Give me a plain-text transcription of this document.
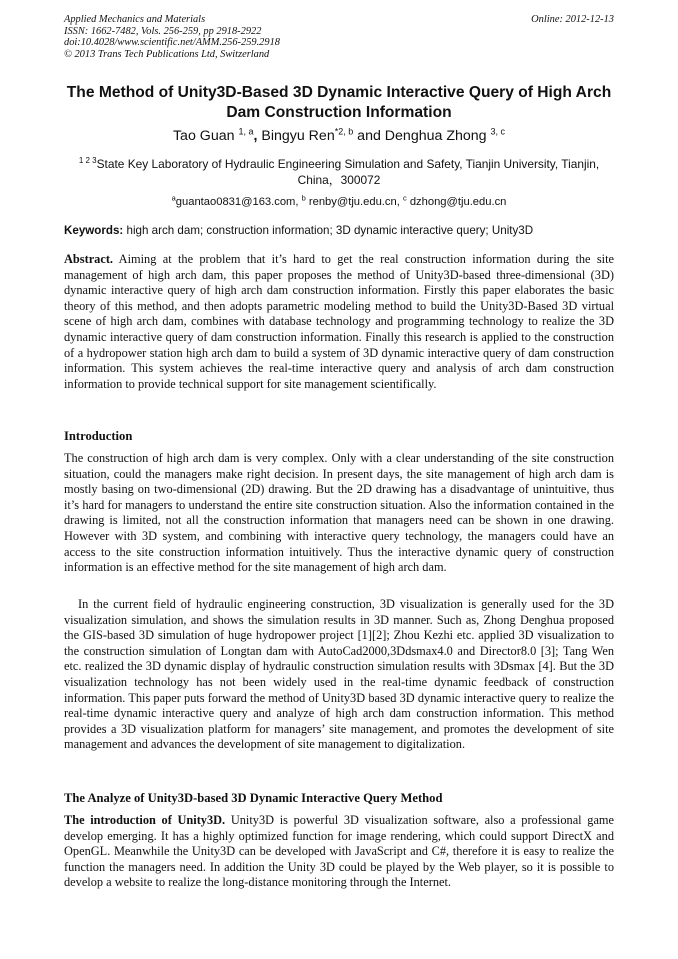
Applied Mechanics and Materials
ISSN: 1662-7482, Vols. 256-259, pp 2918-2922
doi:10.4028/www.scientific.net/AMM.256-259.2918
© 2013 Trans Tech Publications Ltd, Switzerland
Online: 2012-12-13
The Method of Unity3D-Based 3D Dynamic Interactive Query of High Arch Dam Construction Information
Tao Guan $^{1, a}$, Bingyu Ren$^{*2, b}$ and Denghua Zhong $^{3, c}$
$^{1 2 3}$State Key Laboratory of Hydraulic Engineering Simulation and Safety, Tianjin University, Tianjin, China，300072
$^a$guantao0831@163.com, $^b$ renby@tju.edu.cn, $^c$ dzhong@tju.edu.cn
Keywords: high arch dam; construction information; 3D dynamic interactive query; Unity3D
Abstract. Aiming at the problem that it’s hard to get the real construction information during the site management of high arch dam, this paper proposes the method of Unity3D-based three-dimensional (3D) dynamic interactive query of high arch dam construction information. Firstly this paper elaborates the basic theory of this method, and then adopts parametric modeling method to build the Unity3D-Based 3D virtual scene of high arch dam, combines with database technology and programming technology to realize the 3D dynamic interactive query of dam construction information. Finally this research is applied to the construction of a hydropower station high arch dam to build a system of 3D dynamic interactive query of dam construction information. This system achieves the real-time interactive query and analysis of arch dam construction information to provide technical support for site management scientifically.
Introduction
The construction of high arch dam is very complex. Only with a clear understanding of the site construction situation, could the managers make right decision. In present days, the site management of high arch dam is mostly basing on two-dimensional (2D) drawing. But the 2D drawing has a disadvantage of unintuitive, thus it’s hard for managers to understand the entire site construction situation. Also the information contained in the drawing is limited, not all the construction information that managers need can be shown in one drawing. However with 3D system, and combining with interactive query technology, the managers could have an access to the site construction information intuitively. Thus the interactive dynamic query of construction information is an effective method for the site management of high arch dam.
In the current field of hydraulic engineering construction, 3D visualization is generally used for the 3D visualization simulation, and shows the simulation results in 3D manner. Such as, Zhong Denghua proposed the GIS-based 3D simulation of huge hydropower project [1][2]; Zhou Kezhi etc. applied 3D visualization to the construction simulation of Longtan dam with AutoCad2000,3Ddsmax4.0 and Director8.0 [3]; Tang Wen etc. realized the 3D dynamic display of hydraulic construction simulation results with 3Dsmax [4]. But the 3D visualization technology has not been widely used in the real-time dynamic feedback of construction information. This paper puts forward the method of Unity3D based 3D dynamic interactive query to realize the real-time dynamic interactive query and analyze of high arch dam construction information. This method provides a 3D visualization platform for managers’ site management, and promotes the development of site management and advances the development of site management to digitalization.
The Analyze of Unity3D-based 3D Dynamic Interactive Query Method
The introduction of Unity3D. Unity3D is powerful 3D visualization software, also a professional game develop emerging. It has a highly optimized function for image rendering, which could support DirectX and OpenGL. Meanwhile the Unity3D can be developed with JavaScript and C#, therefore it is easy to realize the function the managers need. In addition the Unity 3D could be played by the Web player, so it is possible to develop a website to realize the long-distance monitoring through the Internet.
